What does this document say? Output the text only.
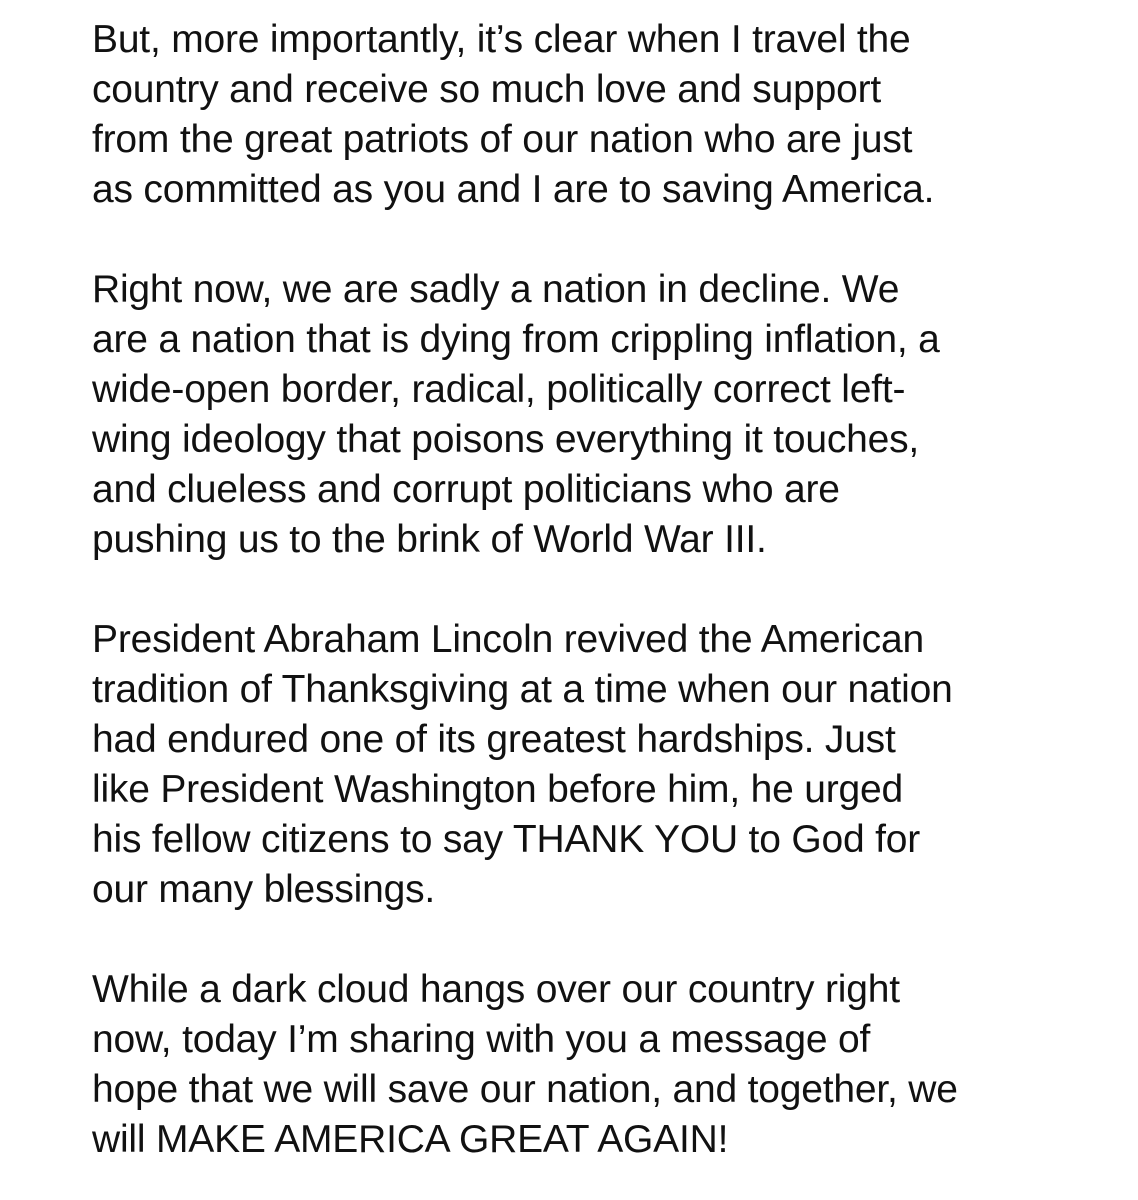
But, more importantly, it’s clear when I travel the
country and receive so much love and support
from the great patriots of our nation who are just
as committed as you and I are to saving America.

Right now, we are sadly a nation in decline. We
are a nation that is dying from crippling inflation, a
wide-open border, radical, politically correct left-
wing ideology that poisons everything it touches,
and clueless and corrupt politicians who are
pushing us to the brink of World War III.

President Abraham Lincoln revived the American
tradition of Thanksgiving at a time when our nation
had endured one of its greatest hardships. Just
like President Washington before him, he urged
his fellow citizens to say THANK YOU to God for
our many blessings.

While a dark cloud hangs over our country right
now, today I’m sharing with you a message of
hope that we will save our nation, and together, we
will MAKE AMERICA GREAT AGAIN!
